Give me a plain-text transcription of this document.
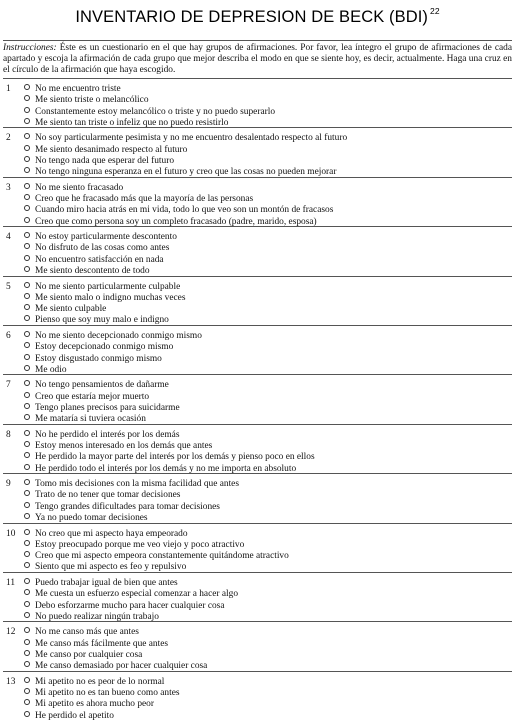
INVENTARIO DE DEPRESION DE BECK (BDI) $^{22}$

Instrucciones: Éste es un cuestionario en el que hay grupos de afirmaciones. Por favor, lea íntegro el grupo de afirmaciones de cada apartado y escoja la afirmación de cada grupo que mejor describa el modo en que se siente hoy, es decir, actualmente. Haga una cruz en el círculo de la afirmación que haya escogido.

1	No me encuentro triste
Me siento triste o melancólico
Constantemente estoy melancólico o triste y no puedo superarlo
Me siento tan triste o infeliz que no puedo resistirlo
2	No soy particularmente pesimista y no me encuentro desalentado respecto al futuro
Me siento desanimado respecto al futuro
No tengo nada que esperar del futuro
No tengo ninguna esperanza en el futuro y creo que las cosas no pueden mejorar
3	No me siento fracasado
Creo que he fracasado más que la mayoría de las personas
Cuando miro hacia atrás en mi vida, todo lo que veo son un montón de fracasos
Creo que como persona soy un completo fracasado (padre, marido, esposa)
4	No estoy particularmente descontento
No disfruto de las cosas como antes
No encuentro satisfacción en nada
Me siento descontento de todo
5	No me siento particularmente culpable
Me siento malo o indigno muchas veces
Me siento culpable
Pienso que soy muy malo e indigno
6	No me siento decepcionado conmigo mismo
Estoy decepcionado conmigo mismo
Estoy disgustado conmigo mismo
Me odio
7	No tengo pensamientos de dañarme
Creo que estaría mejor muerto
Tengo planes precisos para suicidarme
Me mataría si tuviera ocasión
8	No he perdido el interés por los demás
Estoy menos interesado en los demás que antes
He perdido la mayor parte del interés por los demás y pienso poco en ellos
He perdido todo el interés por los demás y no me importa en absoluto
9	Tomo mis decisiones con la misma facilidad que antes
Trato de no tener que tomar decisiones
Tengo grandes dificultades para tomar decisiones
Ya no puedo tomar decisiones
10	No creo que mi aspecto haya empeorado
Estoy preocupado porque me veo viejo y poco atractivo
Creo que mi aspecto empeora constantemente quitándome atractivo
Siento que mi aspecto es feo y repulsivo
11	Puedo trabajar igual de bien que antes
Me cuesta un esfuerzo especial comenzar a hacer algo
Debo esforzarme mucho para hacer cualquier cosa
No puedo realizar ningún trabajo
12	No me canso más que antes
Me canso más fácilmente que antes
Me canso por cualquier cosa
Me canso demasiado por hacer cualquier cosa
13	Mi apetito no es peor de lo normal
Mi apetito no es tan bueno como antes
Mi apetito es ahora mucho peor
He perdido el apetito
